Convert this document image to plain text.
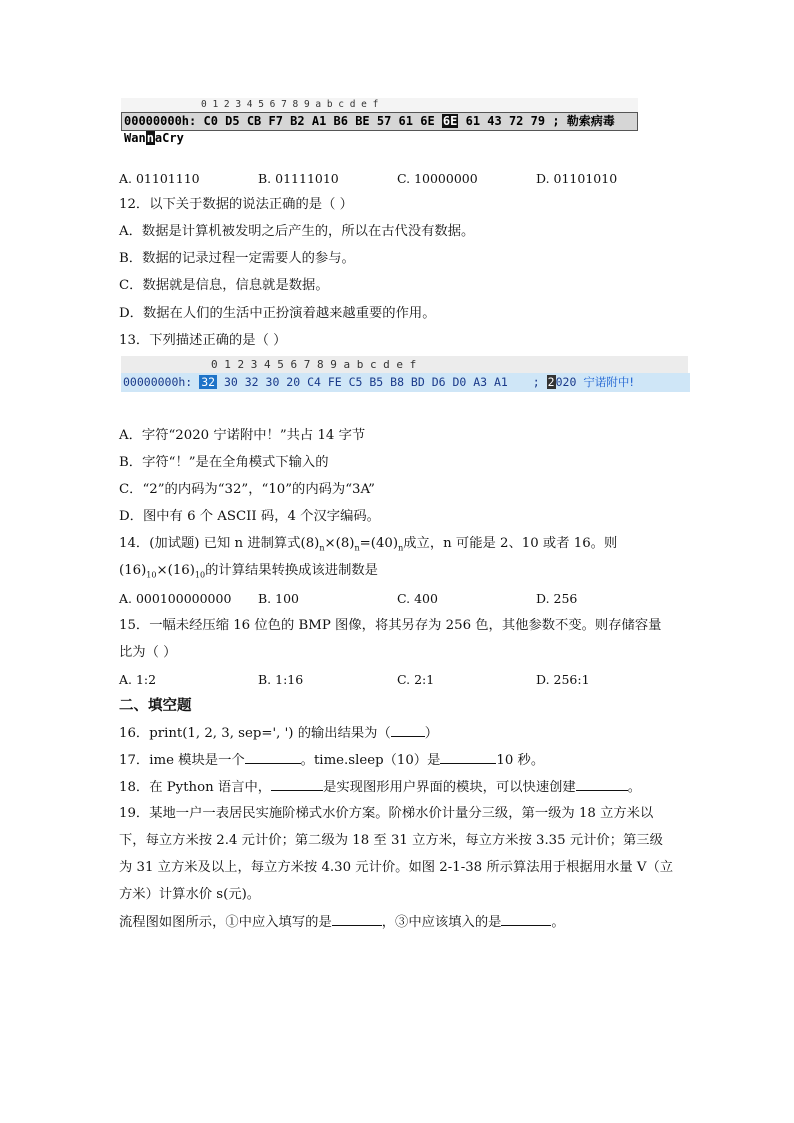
0 1 2 3 4 5 6 7 8 9 a b c d e f
00000000h: C0 D5 CB F7 B2 A1 B6 BE 57 61 6E 6E 61 43 72 79 ; 勒索病毒WannaCry
A. 01101110	B. 01111010	C. 10000000	D. 01101010
12．以下关于数据的说法正确的是（ ）
A．数据是计算机被发明之后产生的，所以在古代没有数据。
B．数据的记录过程一定需要人的参与。
C．数据就是信息，信息就是数据。
D．数据在人们的生活中正扮演着越来越重要的作用。
13．下列描述正确的是（ ）
0 1 2 3 4 5 6 7 8 9 a b c d e f
00000000h: 32 30 32 30 20 C4 FE C5 B5 B8 BD D6 D0 A3 A1 ; 2020 宁诺附中!
A．字符“2020 宁诺附中！”共占 14 字节
B．字符“！”是在全角模式下输入的
C．“2”的内码为“32”，“10”的内码为“3A”
D．图中有 6 个 ASCII 码，4 个汉字编码。
14．(加试题) 已知 n 进制算式$(8)_n\times(8)_n=(40)_n$成立，n 可能是 2、10 或者 16。则
$(16)_{10}\times(16)_{10}$的计算结果转换成该进制数是
A. 000100000000 B. 100	C. 400	D. 256
15．一幅未经压缩 16 位色的 BMP 图像，将其另存为 256 色，其他参数不变。则存储容量
比为（ ）
A. 1:2	B. 1:16	C. 2:1	D. 256:1
二、填空题
16．print(1, 2, 3, sep=', ') 的输出结果为（	）
17．ime 模块是一个	。time.sleep（10）是	10 秒。
18．在 Python 语言中，	是实现图形用户界面的模块，可以快速创建	。
19．某地一户一表居民实施阶梯式水价方案。阶梯水价计量分三级，第一级为 18 立方米以
下，每立方米按 2.4 元计价；第二级为 18 至 31 立方米，每立方米按 3.35 元计价；第三级
为 31 立方米及以上，每立方米按 4.30 元计价。如图 2-1-38 所示算法用于根据用水量 V（立
方米）计算水价 s(元)。
流程图如图所示，①中应入填写的是	，③中应该填入的是	。
